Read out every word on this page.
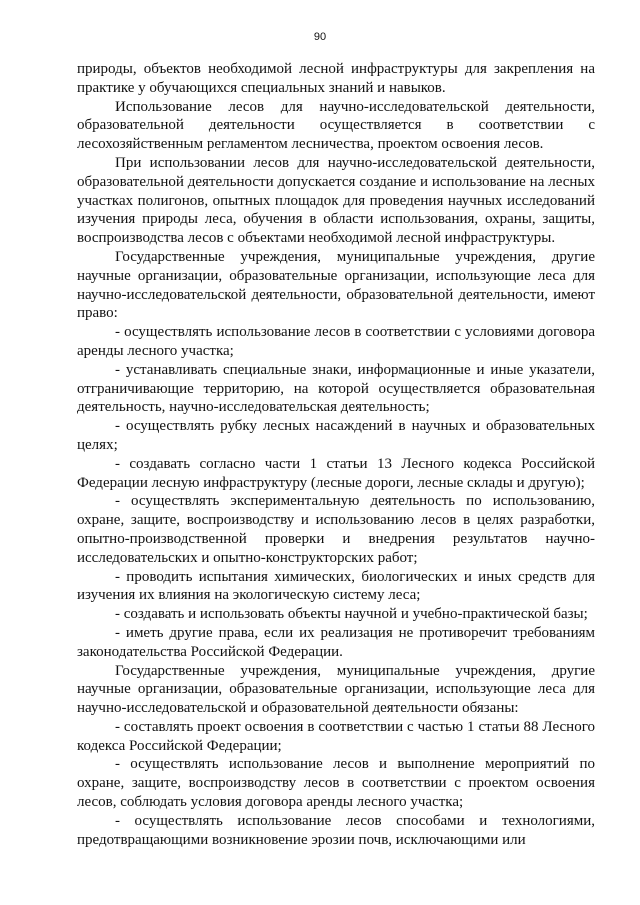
90

природы, объектов необходимой лесной инфраструктуры для закрепления на практике у обучающихся специальных знаний и навыков.

Использование лесов для научно-исследовательской деятельности, образовательной деятельности осуществляется в соответствии с лесохозяйственным регламентом лесничества, проектом освоения лесов.

При использовании лесов для научно-исследовательской деятельности, образовательной деятельности допускается создание и использование на лесных участках полигонов, опытных площадок для проведения научных исследований изучения природы леса, обучения в области использования, охраны, защиты, воспроизводства лесов с объектами необходимой лесной инфраструктуры.

Государственные учреждения, муниципальные учреждения, другие научные организации, образовательные организации, использующие леса для научно-исследовательской деятельности, образовательной деятельности, имеют право:

- осуществлять использование лесов в соответствии с условиями договора аренды лесного участка;

- устанавливать специальные знаки, информационные и иные указатели, отграничивающие территорию, на которой осуществляется образовательная деятельность, научно-исследовательская деятельность;

- осуществлять рубку лесных насаждений в научных и образовательных целях;

- создавать согласно части 1 статьи 13 Лесного кодекса Российской Федерации лесную инфраструктуру (лесные дороги, лесные склады и другую);

- осуществлять экспериментальную деятельность по использованию, охране, защите, воспроизводству и использованию лесов в целях разработки, опытно-производственной проверки и внедрения результатов научно-исследовательских и опытно-конструкторских работ;

- проводить испытания химических, биологических и иных средств для изучения их влияния на экологическую систему леса;

- создавать и использовать объекты научной и учебно-практической базы;

- иметь другие права, если их реализация не противоречит требованиям законодательства Российской Федерации.

Государственные учреждения, муниципальные учреждения, другие научные организации, образовательные организации, использующие леса для научно-исследовательской и образовательной деятельности обязаны:

- составлять проект освоения в соответствии с частью 1 статьи 88 Лесного кодекса Российской Федерации;

- осуществлять использование лесов и выполнение мероприятий по охране, защите, воспроизводству лесов в соответствии с проектом освоения лесов, соблюдать условия договора аренды лесного участка;

- осуществлять использование лесов способами и технологиями, предотвращающими возникновение эрозии почв, исключающими или
